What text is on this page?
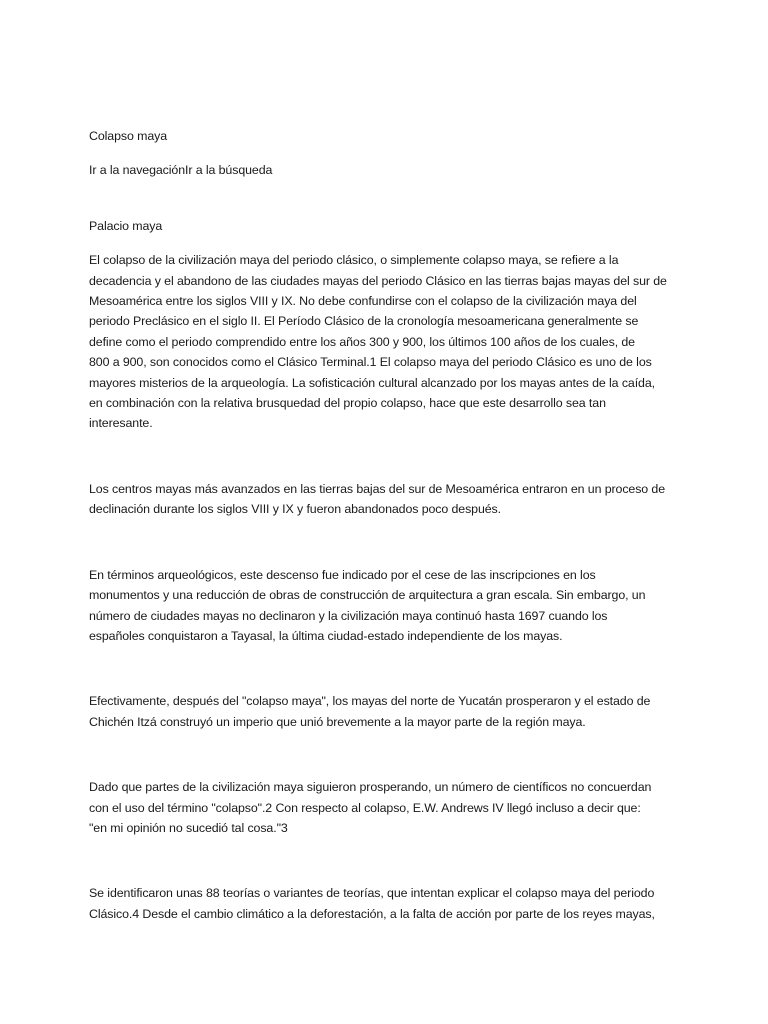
Colapso maya
Ir a la navegaciónIr a la búsqueda
Palacio maya
El colapso de la civilización maya del periodo clásico, o simplemente colapso maya, se refiere a la
decadencia y el abandono de las ciudades mayas del periodo Clásico en las tierras bajas mayas del sur de
Mesoamérica entre los siglos VIII y IX. No debe confundirse con el colapso de la civilización maya del
periodo Preclásico en el siglo II. El Período Clásico de la cronología mesoamericana generalmente se
define como el periodo comprendido entre los años 300 y 900, los últimos 100 años de los cuales, de
800 a 900, son conocidos como el Clásico Terminal.1 El colapso maya del periodo Clásico es uno de los
mayores misterios de la arqueología. La sofisticación cultural alcanzado por los mayas antes de la caída,
en combinación con la relativa brusquedad del propio colapso, hace que este desarrollo sea tan
interesante.
Los centros mayas más avanzados en las tierras bajas del sur de Mesoamérica entraron en un proceso de
declinación durante los siglos VIII y IX y fueron abandonados poco después.
En términos arqueológicos, este descenso fue indicado por el cese de las inscripciones en los
monumentos y una reducción de obras de construcción de arquitectura a gran escala. Sin embargo, un
número de ciudades mayas no declinaron y la civilización maya continuó hasta 1697 cuando los
españoles conquistaron a Tayasal, la última ciudad-estado independiente de los mayas.
Efectivamente, después del "colapso maya", los mayas del norte de Yucatán prosperaron y el estado de
Chichén Itzá construyó un imperio que unió brevemente a la mayor parte de la región maya.
Dado que partes de la civilización maya siguieron prosperando, un número de científicos no concuerdan
con el uso del término "colapso".2 Con respecto al colapso, E.W. Andrews IV llegó incluso a decir que:
"en mi opinión no sucedió tal cosa."3
Se identificaron unas 88 teorías o variantes de teorías, que intentan explicar el colapso maya del periodo
Clásico.4 Desde el cambio climático a la deforestación, a la falta de acción por parte de los reyes mayas,
